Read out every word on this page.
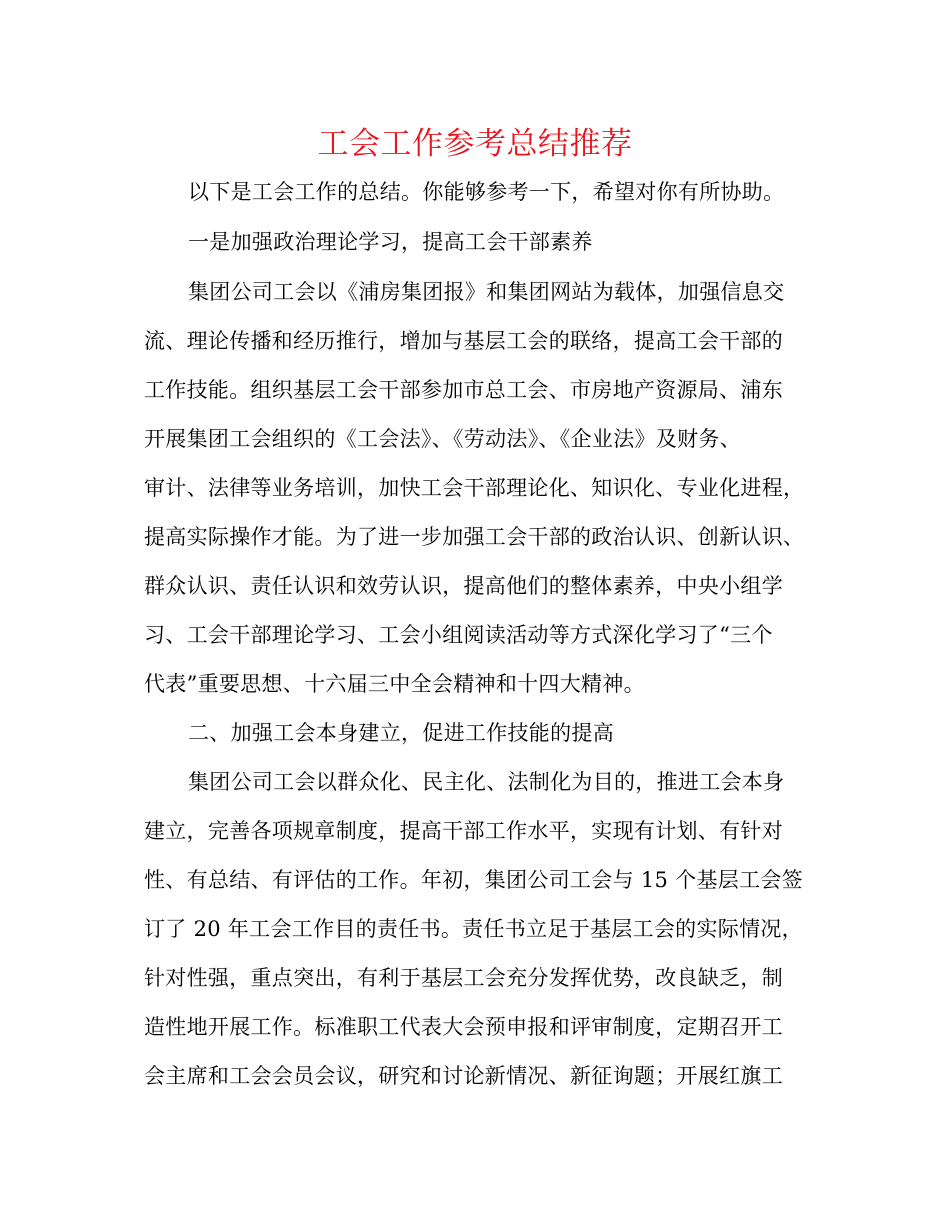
工会工作参考总结推荐

以下是工会工作的总结。你能够参考一下，希望对你有所协助。

一是加强政治理论学习，提高工会干部素养

集团公司工会以《浦房集团报》和集团网站为载体，加强信息交

流、理论传播和经历推行，增加与基层工会的联络，提高工会干部的

工作技能。组织基层工会干部参加市总工会、市房地产资源局、浦东

开展集团工会组织的《工会法》、《劳动法》、《企业法》及财务、

审计、法律等业务培训，加快工会干部理论化、知识化、专业化进程，

提高实际操作才能。为了进一步加强工会干部的政治认识、创新认识、

群众认识、责任认识和效劳认识，提高他们的整体素养，中央小组学

习、工会干部理论学习、工会小组阅读活动等方式深化学习了“三个

代表”重要思想、十六届三中全会精神和十四大精神。

二、加强工会本身建立，促进工作技能的提高

集团公司工会以群众化、民主化、法制化为目的，推进工会本身

建立，完善各项规章制度，提高干部工作水平，实现有计划、有针对

性、有总结、有评估的工作。年初，集团公司工会与 15 个基层工会签

订了 20 年工会工作目的责任书。责任书立足于基层工会的实际情况，

针对性强，重点突出，有利于基层工会充分发挥优势，改良缺乏，制

造性地开展工作。标准职工代表大会预申报和评审制度，定期召开工

会主席和工会会员会议，研究和讨论新情况、新征询题；开展红旗工
